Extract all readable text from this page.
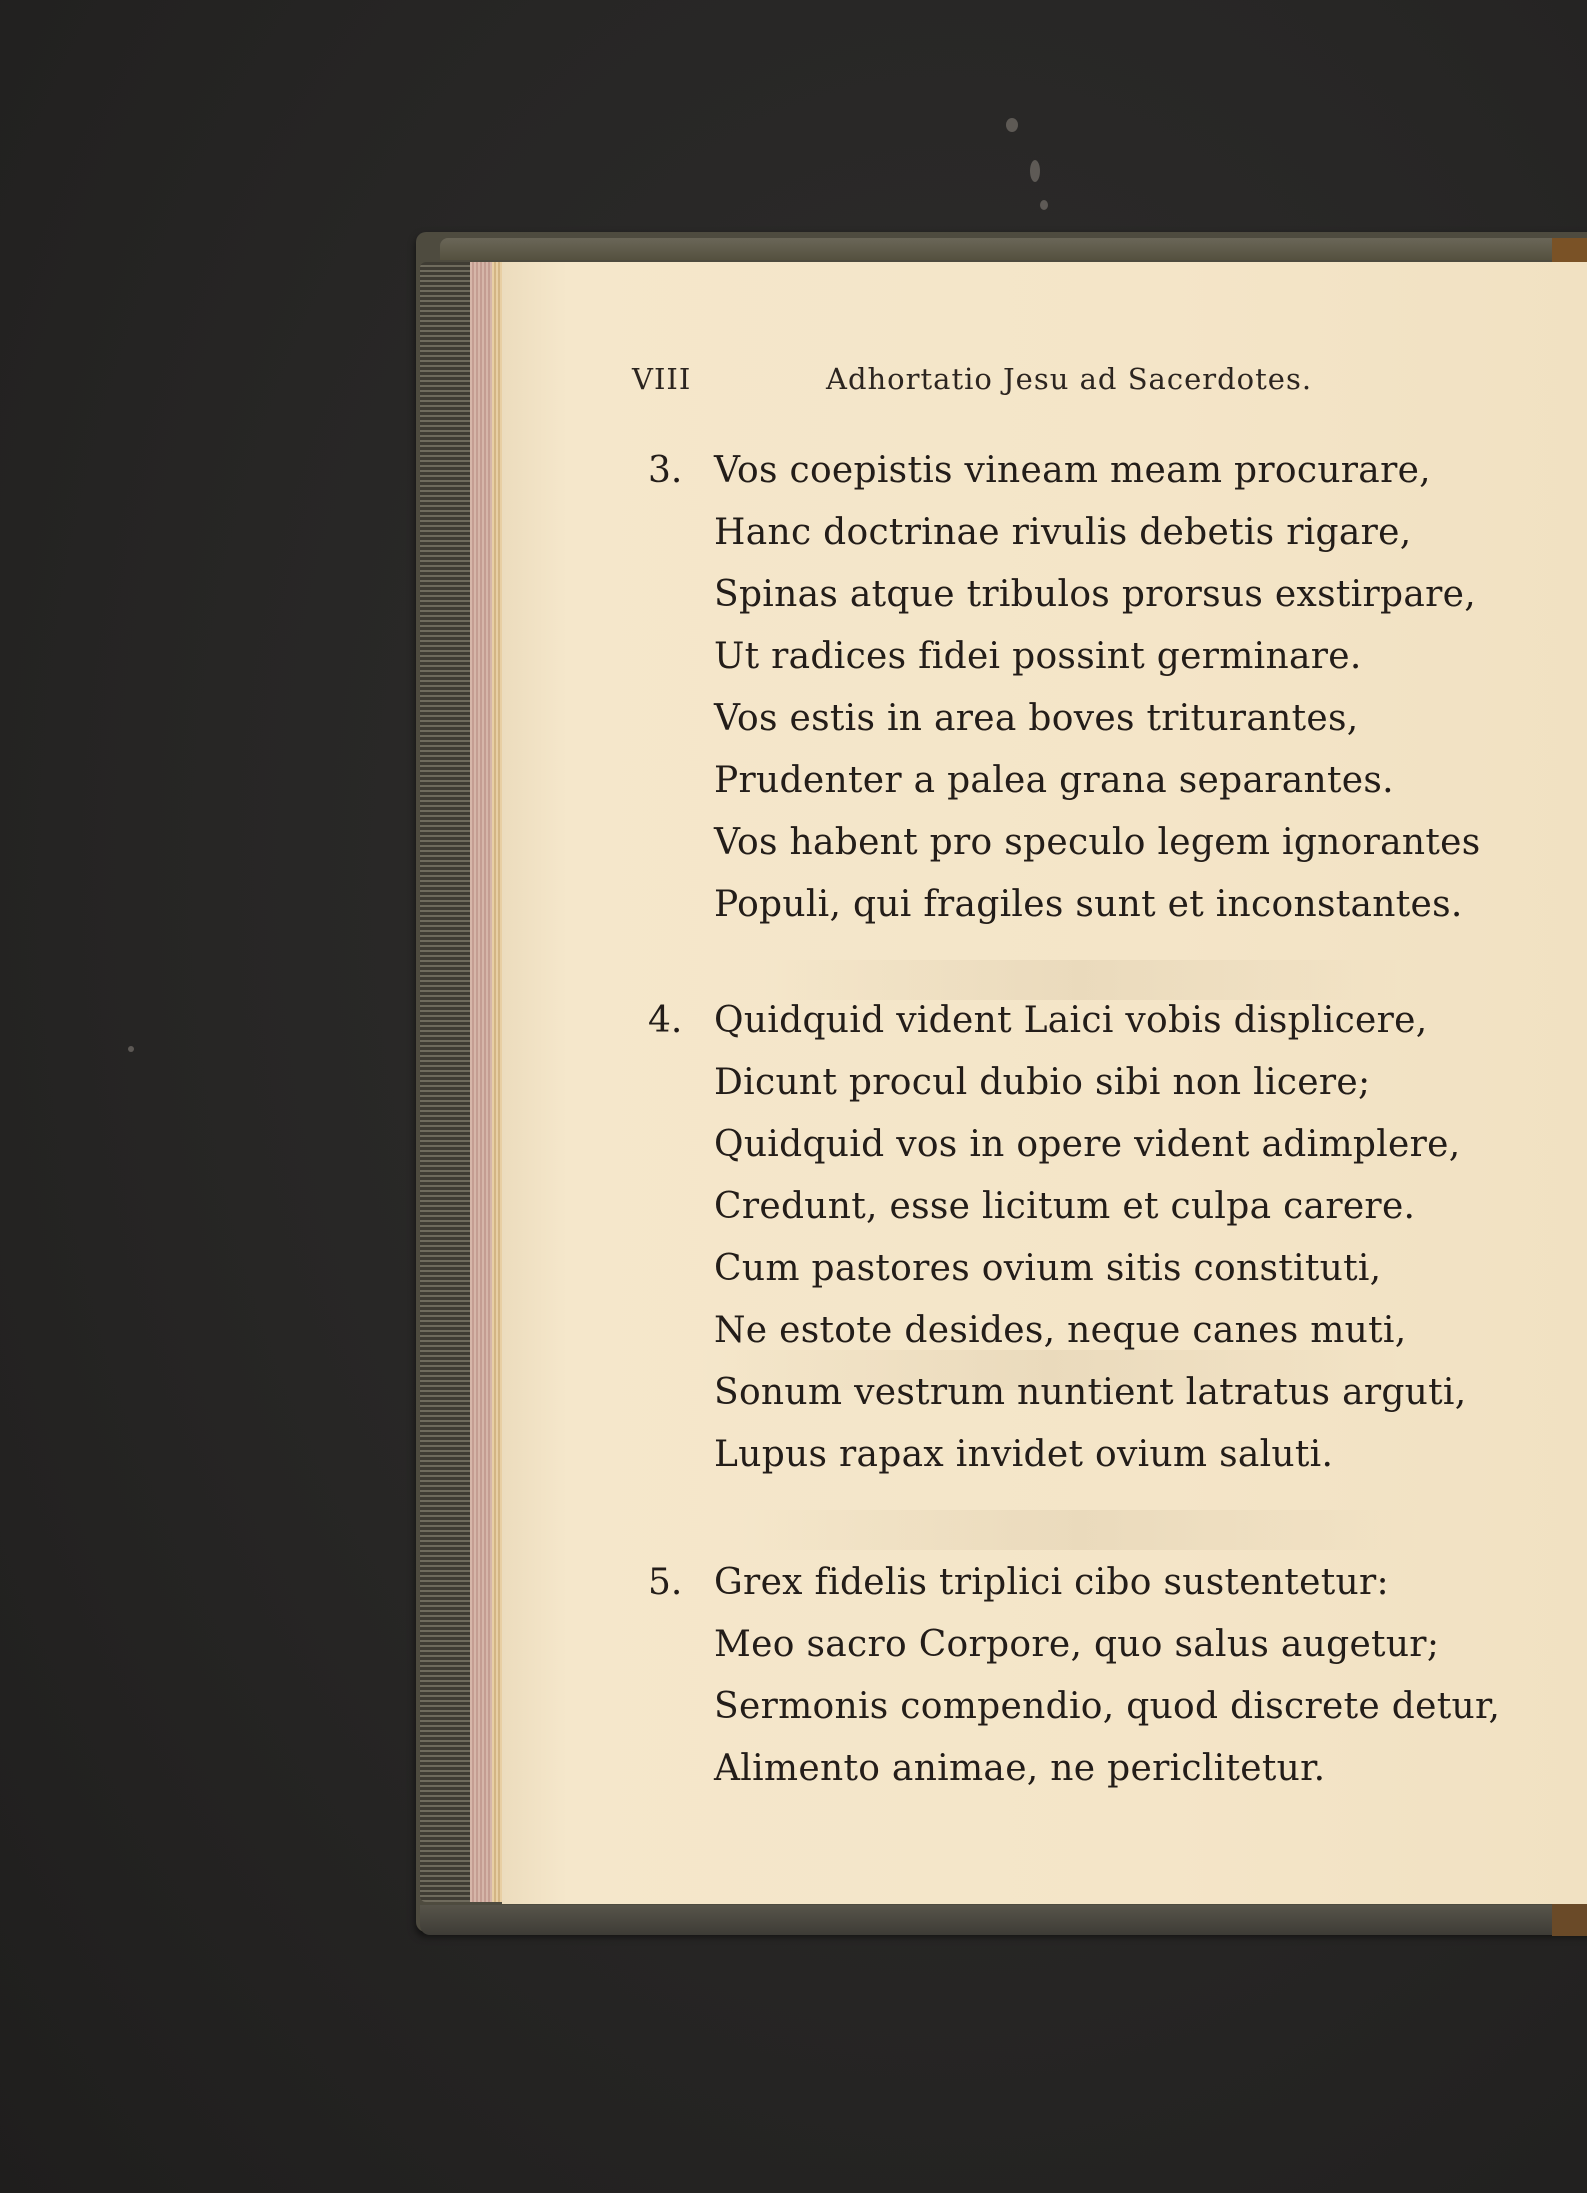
VIII	Adhortatio Jesu ad Sacerdotes.
3. Vos coepistis vineam meam procurare,
Hanc doctrinae rivulis debetis rigare,
Spinas atque tribulos prorsus exstirpare,
Ut radices fidei possint germinare.
Vos estis in area boves triturantes,
Prudenter a palea grana separantes.
Vos habent pro speculo legem ignorantes
Populi, qui fragiles sunt et inconstantes.
4. Quidquid vident Laici vobis displicere,
Dicunt procul dubio sibi non licere;
Quidquid vos in opere vident adimplere,
Credunt, esse licitum et culpa carere.
Cum pastores ovium sitis constituti,
Ne estote desides, neque canes muti,
Sonum vestrum nuntient latratus arguti,
Lupus rapax invidet ovium saluti.
5. Grex fidelis triplici cibo sustentetur:
Meo sacro Corpore, quo salus augetur;
Sermonis compendio, quod discrete detur,
Alimento animae, ne periclitetur.
